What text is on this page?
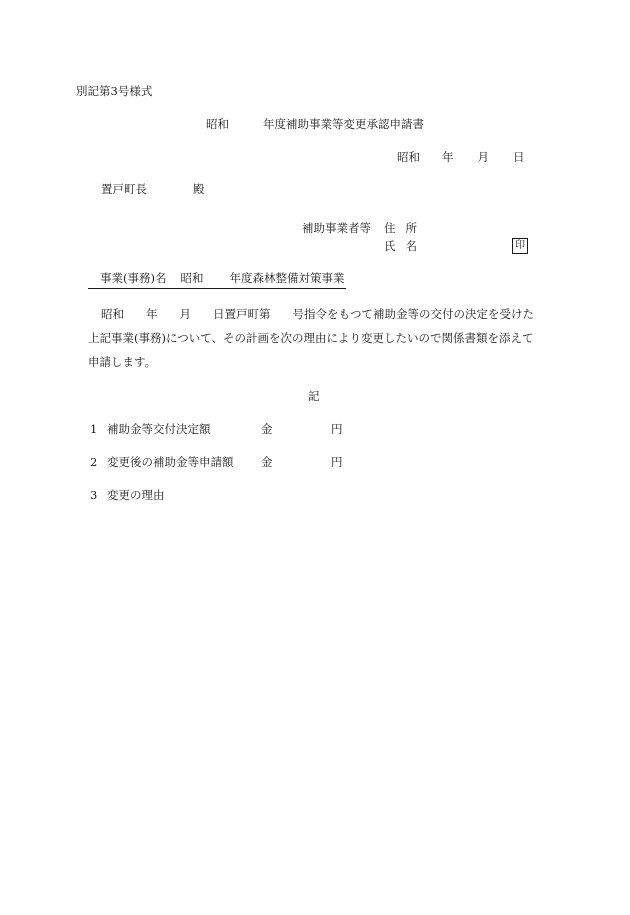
別記第3号様式
昭和	年度補助事業等変更承認申請書
昭和 年 月 日
置戸町長	殿
補助事業者等 住 所
氏 名	印
事業(事務)名 昭和 年度森林整備対策事業
昭和 年 月 日置戸町第 号指令をもつて補助金等の交付の決定を受けた
上記事業(事務)について、その計画を次の理由により変更したいので関係書類を添えて
申請します。
記
1 補助金等交付決定額	金	円
2 変更後の補助金等申請額 金	円
3 変更の理由
